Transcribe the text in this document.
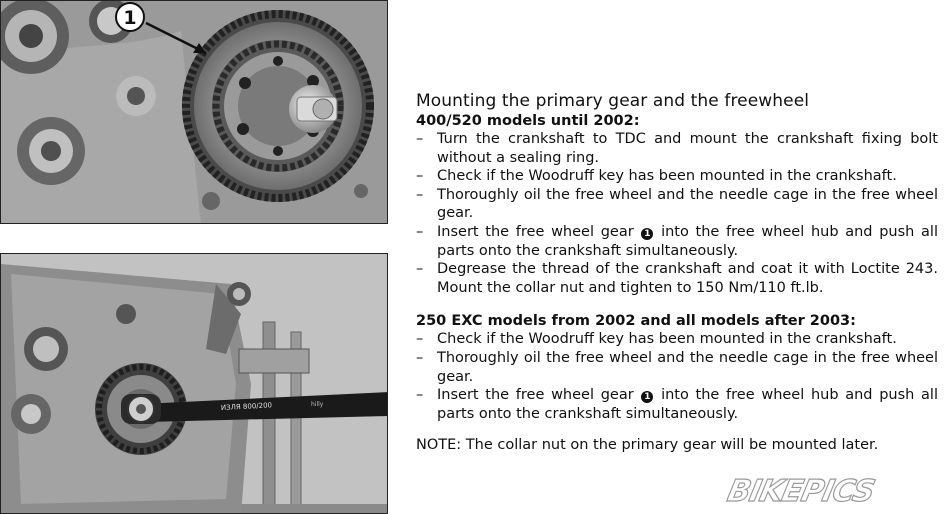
1
ИЗЛЯ 800/200	hilly
Mounting the primary gear and the freewheel
400/520 models until 2002:
– Turn the crankshaft to TDC and mount the crankshaft fixing bolt without a sealing ring.
– Check if the Woodruff key has been mounted in the crankshaft.
– Thoroughly oil the free wheel and the needle cage in the free wheel gear.
– Insert the free wheel gear 1 into the free wheel hub and push all parts onto the crankshaft simultaneously.
– Degrease the thread of the crankshaft and coat it with Loctite 243. Mount the collar nut and tighten to 150 Nm/110 ft.lb.
250 EXC models from 2002 and all models after 2003:
– Check if the Woodruff key has been mounted in the crankshaft.
– Thoroughly oil the free wheel and the needle cage in the free wheel gear.
– Insert the free wheel gear 1 into the free wheel hub and push all parts onto the crankshaft simultaneously.
NOTE: The collar nut on the primary gear will be mounted later.
BIKEPICS
